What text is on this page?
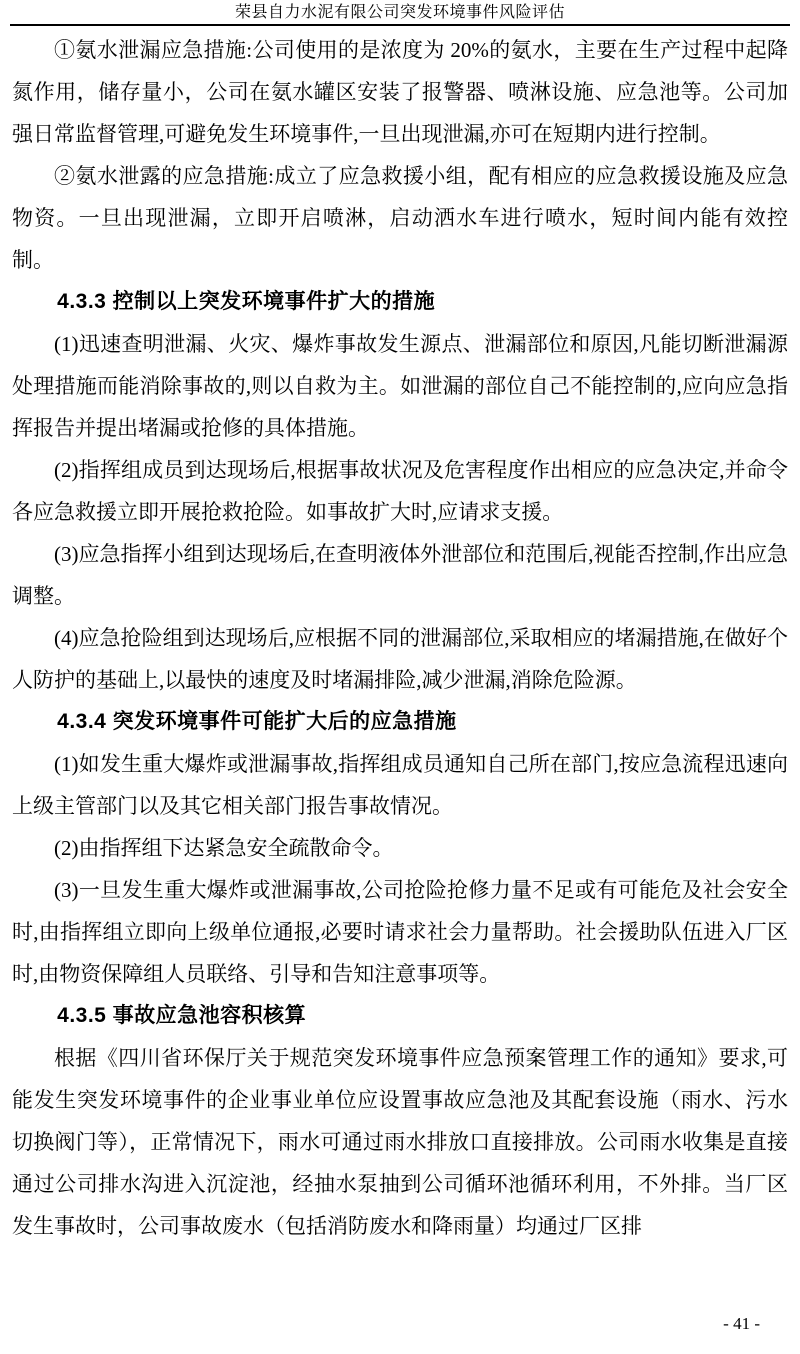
荣县自力水泥有限公司突发环境事件风险评估

①氨水泄漏应急措施:公司使用的是浓度为 20%的氨水，主要在生产过程中起降氮作用，储存量小，公司在氨水罐区安装了报警器、喷淋设施、应急池等。公司加强日常监督管理,可避免发生环境事件,一旦出现泄漏,亦可在短期内进行控制。

②氨水泄露的应急措施:成立了应急救援小组，配有相应的应急救援设施及应急物资。一旦出现泄漏，立即开启喷淋，启动洒水车进行喷水，短时间内能有效控制。

4.3.3 控制以上突发环境事件扩大的措施

(1)迅速查明泄漏、火灾、爆炸事故发生源点、泄漏部位和原因,凡能切断泄漏源处理措施而能消除事故的,则以自救为主。如泄漏的部位自己不能控制的,应向应急指挥报告并提出堵漏或抢修的具体措施。

(2)指挥组成员到达现场后,根据事故状况及危害程度作出相应的应急决定,并命令各应急救援立即开展抢救抢险。如事故扩大时,应请求支援。

(3)应急指挥小组到达现场后,在查明液体外泄部位和范围后,视能否控制,作出应急调整。

(4)应急抢险组到达现场后,应根据不同的泄漏部位,采取相应的堵漏措施,在做好个人防护的基础上,以最快的速度及时堵漏排险,减少泄漏,消除危险源。

4.3.4 突发环境事件可能扩大后的应急措施

(1)如发生重大爆炸或泄漏事故,指挥组成员通知自己所在部门,按应急流程迅速向上级主管部门以及其它相关部门报告事故情况。

(2)由指挥组下达紧急安全疏散命令。

(3)一旦发生重大爆炸或泄漏事故,公司抢险抢修力量不足或有可能危及社会安全时,由指挥组立即向上级单位通报,必要时请求社会力量帮助。社会援助队伍进入厂区时,由物资保障组人员联络、引导和告知注意事项等。

4.3.5 事故应急池容积核算

根据《四川省环保厅关于规范突发环境事件应急预案管理工作的通知》要求,可能发生突发环境事件的企业事业单位应设置事故应急池及其配套设施（雨水、污水切换阀门等），正常情况下，雨水可通过雨水排放口直接排放。公司雨水收集是直接通过公司排水沟进入沉淀池，经抽水泵抽到公司循环池循环利用，不外排。当厂区发生事故时，公司事故废水（包括消防废水和降雨量）均通过厂区排

- 41 -
